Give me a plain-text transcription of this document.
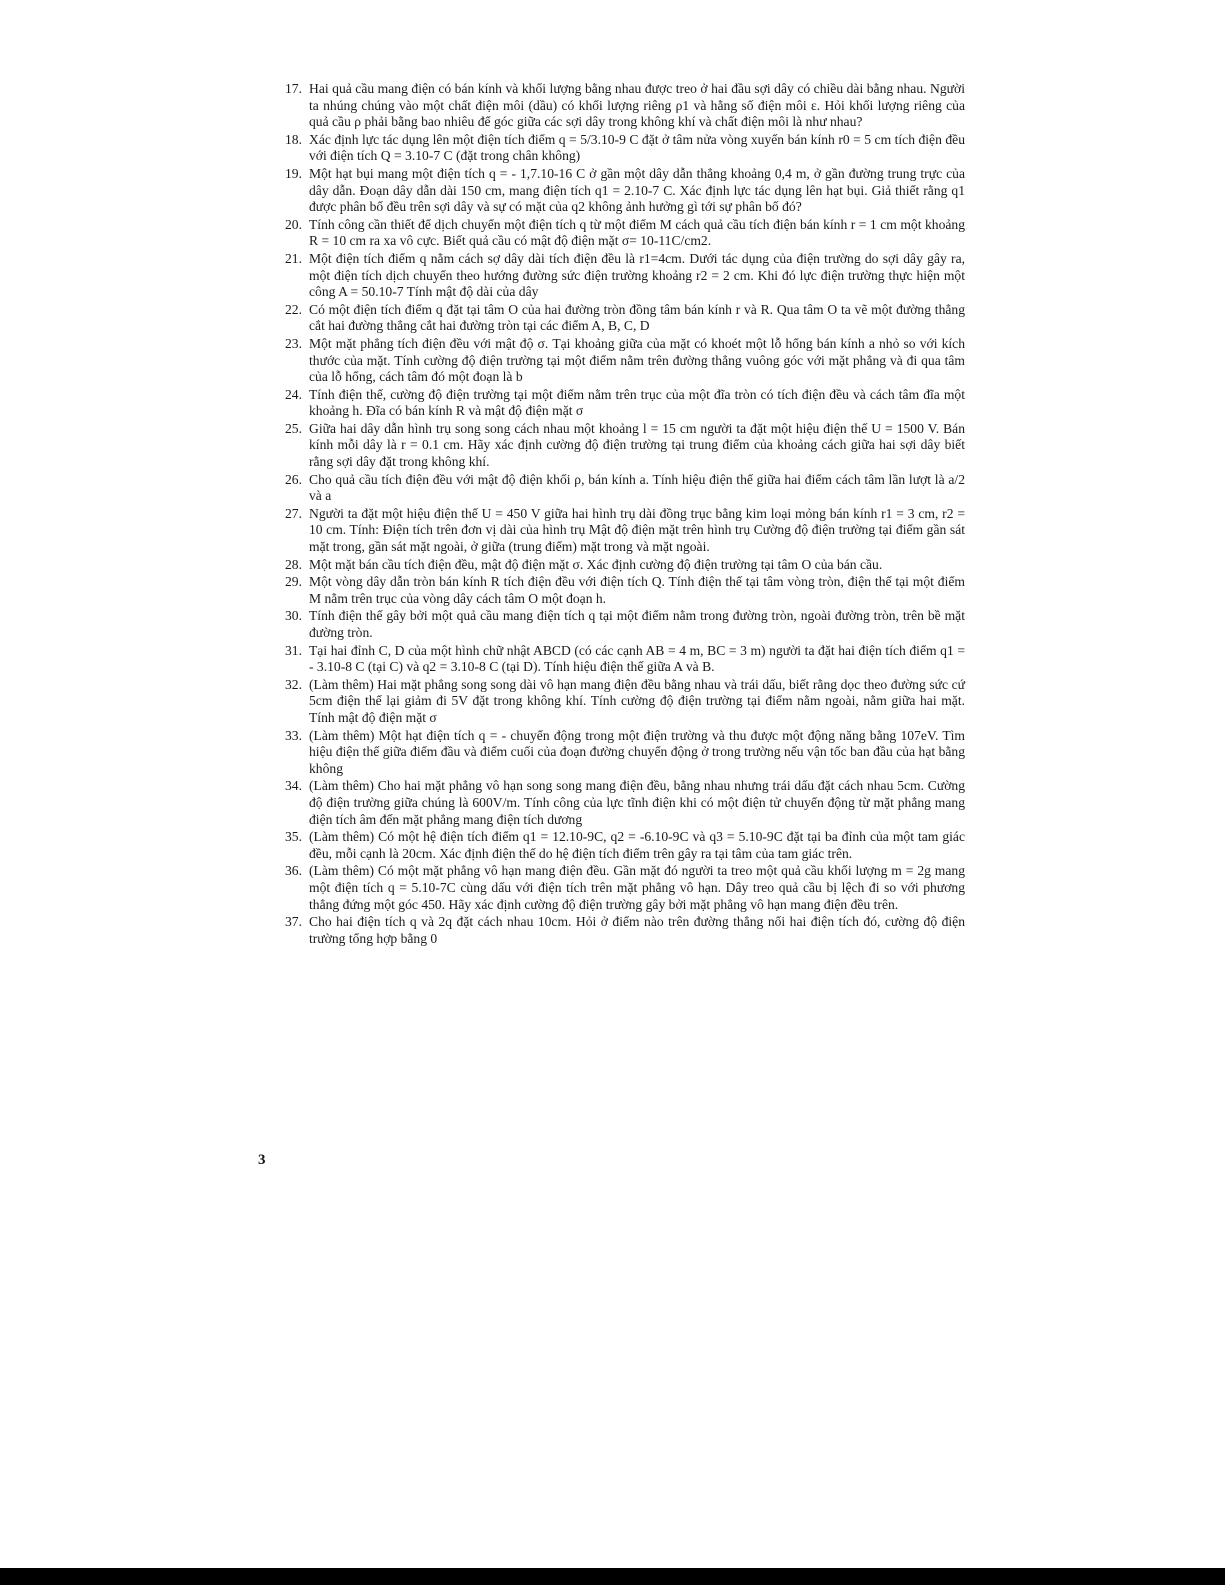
17. Hai quả cầu mang điện có bán kính và khối lượng bằng nhau được treo ở hai đầu sợi dây có chiều dài bằng nhau. Người ta nhúng chúng vào một chất điện môi (dầu) có khối lượng riêng ρ1 và hằng số điện môi ε. Hỏi khối lượng riêng của quả cầu ρ phải bằng bao nhiêu để góc giữa các sợi dây trong không khí và chất điện môi là như nhau?
18. Xác định lực tác dụng lên một điện tích điểm q = 5/3.10-9 C đặt ở tâm nửa vòng xuyến bán kính r0 = 5 cm tích điện đều với điện tích Q = 3.10-7 C (đặt trong chân không)
19. Một hạt bụi mang một điện tích q = - 1,7.10-16 C ở gần một dây dẫn thẳng khoảng 0,4 m, ở gần đường trung trực của dây dẫn. Đoạn dây dẫn dài 150 cm, mang điện tích q1 = 2.10-7 C. Xác định lực tác dụng lên hạt bụi. Giả thiết rằng q1 được phân bố đều trên sợi dây và sự có mặt của q2 không ảnh hưởng gì tới sự phân bố đó?
20. Tính công cần thiết để dịch chuyển một điện tích q từ một điểm M cách quả cầu tích điện bán kính r = 1 cm một khoảng R = 10 cm ra xa vô cực. Biết quả cầu có mật độ điện mặt σ= 10-11C/cm2.
21. Một điện tích điểm q nằm cách sợ dây dài tích điện đều là r1=4cm. Dưới tác dụng của điện trường do sợi dây gây ra, một điện tích dịch chuyển theo hướng đường sức điện trường khoảng r2 = 2 cm. Khi đó lực điện trường thực hiện một công A = 50.10-7 Tính mật độ dài của dây
22. Có một điện tích điểm q đặt tại tâm O của hai đường tròn đồng tâm bán kính r và R. Qua tâm O ta vẽ một đường thẳng cắt hai đường thẳng cắt hai đường tròn tại các điểm A, B, C, D
23. Một mặt phẳng tích điện đều với mật độ σ. Tại khoảng giữa của mặt có khoét một lỗ hổng bán kính a nhỏ so với kích thước của mặt. Tính cường độ điện trường tại một điểm nằm trên đường thẳng vuông góc với mặt phẳng và đi qua tâm của lỗ hổng, cách tâm đó một đoạn là b
24. Tính điện thế, cường độ điện trường tại một điểm nằm trên trục của một đĩa tròn có tích điện đều và cách tâm đĩa một khoảng h. Đĩa có bán kính R và mật độ điện mặt σ
25. Giữa hai dây dẫn hình trụ song song cách nhau một khoảng l = 15 cm người ta đặt một hiệu điện thế U = 1500 V. Bán kính mỗi dây là r = 0.1 cm. Hãy xác định cường độ điện trường tại trung điểm của khoảng cách giữa hai sợi dây biết rằng sợi dây đặt trong không khí.
26. Cho quả cầu tích điện đều với mật độ điện khối ρ, bán kính a. Tính hiệu điện thế giữa hai điểm cách tâm lần lượt là a/2 và a
27. Người ta đặt một hiệu điện thế U = 450 V giữa hai hình trụ dài đồng trục bằng kim loại mỏng bán kính r1 = 3 cm, r2 = 10 cm. Tính: Điện tích trên đơn vị dài của hình trụ Mật độ điện mặt trên hình trụ Cường độ điện trường tại điểm gần sát mặt trong, gần sát mặt ngoài, ở giữa (trung điểm) mặt trong và mặt ngoài.
28. Một mặt bán cầu tích điện đều, mật độ điện mặt σ. Xác định cường độ điện trường tại tâm O của bán cầu.
29. Một vòng dây dẫn tròn bán kính R tích điện đều với điện tích Q. Tính điện thế tại tâm vòng tròn, điện thế tại một điểm M nằm trên trục của vòng dây cách tâm O một đoạn h.
30. Tính điện thế gây bởi một quả cầu mang điện tích q tại một điểm nằm trong đường tròn, ngoài đường tròn, trên bề mặt đường tròn.
31. Tại hai đỉnh C, D của một hình chữ nhật ABCD (có các cạnh AB = 4 m, BC = 3 m) người ta đặt hai điện tích điểm q1 = - 3.10-8 C (tại C) và q2 = 3.10-8 C (tại D). Tính hiệu điện thế giữa A và B.
32. (Làm thêm) Hai mặt phẳng song song dài vô hạn mang điện đều bằng nhau và trái dấu, biết rằng dọc theo đường sức cứ 5cm điện thế lại giảm đi 5V đặt trong không khí. Tính cường độ điện trường tại điểm nằm ngoài, nằm giữa hai mặt. Tính mật độ điện mặt σ
33. (Làm thêm) Một hạt điện tích q = - chuyển động trong một điện trường và thu được một động năng bằng 107eV. Tìm hiệu điện thế giữa điểm đầu và điểm cuối của đoạn đường chuyển động ở trong trường nếu vận tốc ban đầu của hạt bằng không
34. (Làm thêm) Cho hai mặt phẳng vô hạn song song mang điện đều, bằng nhau nhưng trái dấu đặt cách nhau 5cm. Cường độ điện trường giữa chúng là 600V/m. Tính công của lực tĩnh điện khi có một điện tử chuyển động từ mặt phẳng mang điện tích âm đến mặt phẳng mang điện tích dương
35. (Làm thêm) Có một hệ điện tích điểm q1 = 12.10-9C, q2 = -6.10-9C và q3 = 5.10-9C đặt tại ba đỉnh của một tam giác đều, mỗi cạnh là 20cm. Xác định điện thế do hệ điện tích điểm trên gây ra tại tâm của tam giác trên.
36. (Làm thêm) Có một mặt phẳng vô hạn mang điện đều. Gần mặt đó người ta treo một quả cầu khối lượng m = 2g mang một điện tích q = 5.10-7C cùng dấu với điện tích trên mặt phẳng vô hạn. Dây treo quả cầu bị lệch đi so với phương thẳng đứng một góc 450. Hãy xác định cường độ điện trường gây bởi mặt phẳng vô hạn mang điện đều trên.
37. Cho hai điện tích q và 2q đặt cách nhau 10cm. Hỏi ở điểm nào trên đường thẳng nối hai điện tích đó, cường độ điện trường tổng hợp bằng 0
3
